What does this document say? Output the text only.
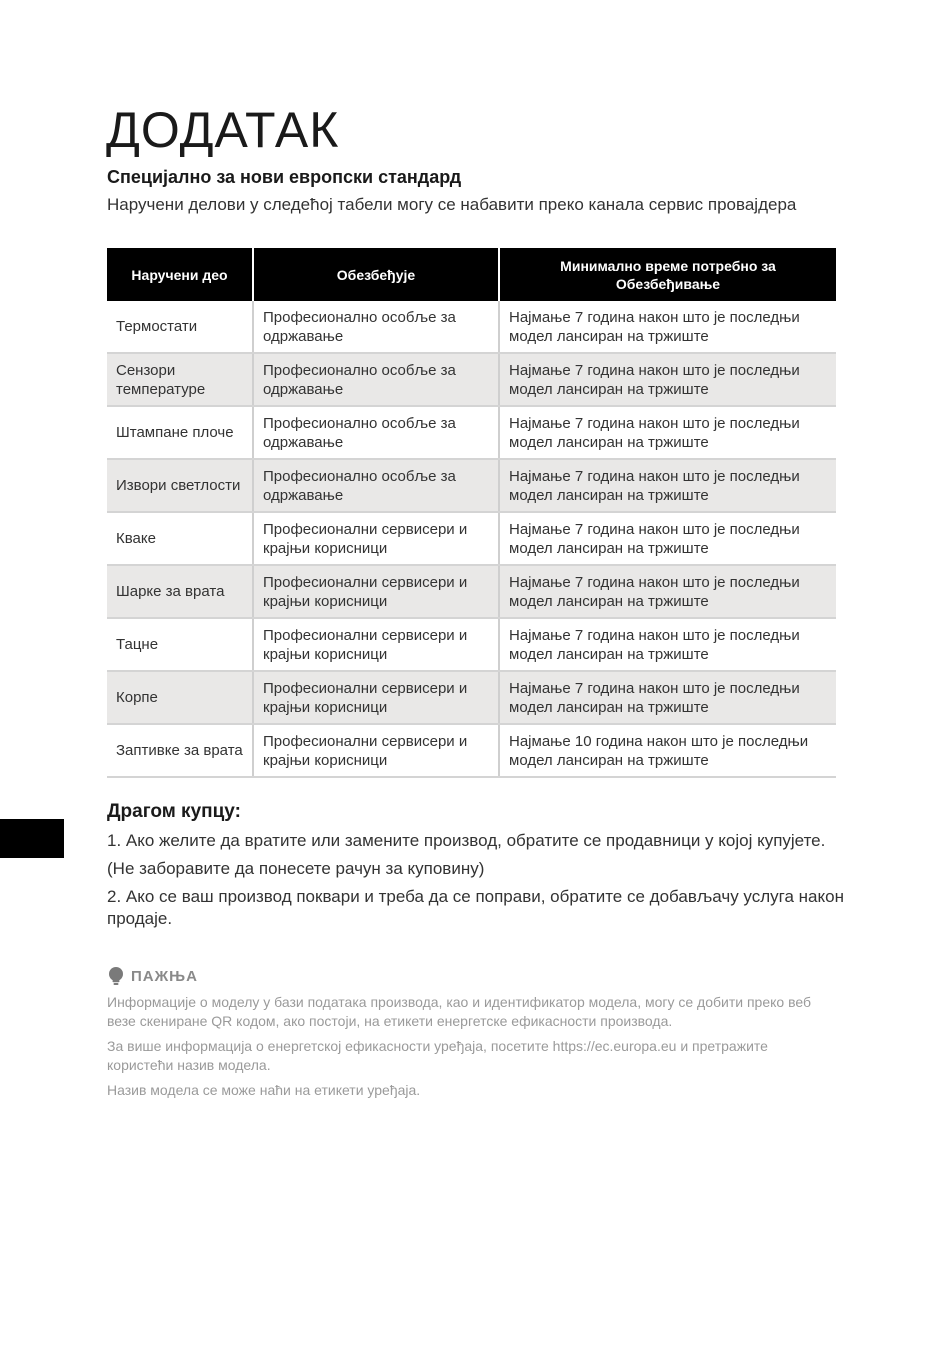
ДОДАТАК
Специјално за нови европски стандард
Наручени делови у следећој табели могу се набавити преко канала сервис провајдера
Наручени део	Обезбеђује	Минимално време потребно за Обезбеђивање
Термостати	Професионално особље за одржавање	Најмање 7 година након што је последњи модел лансиран на тржиште
Сензори температуре	Професионално особље за одржавање	Најмање 7 година након што је последњи модел лансиран на тржиште
Штампане плоче	Професионално особље за одржавање	Најмање 7 година након што је последњи модел лансиран на тржиште
Извори светлости	Професионално особље за одржавање	Најмање 7 година након што је последњи модел лансиран на тржиште
Кваке	Професионални сервисери и крајњи корисници	Најмање 7 година након што је последњи модел лансиран на тржиште
Шарке за врата	Професионални сервисери и крајњи корисници	Најмање 7 година након што је последњи модел лансиран на тржиште
Тацне	Професионални сервисери и крајњи корисници	Најмање 7 година након што је последњи модел лансиран на тржиште
Корпе	Професионални сервисери и крајњи корисници	Најмање 7 година након што је последњи модел лансиран на тржиште
Заптивке за врата	Професионални сервисери и крајњи корисници	Најмање 10 година након што је последњи модел лансиран на тржиште
Драгом купцу:

1. Ако желите да вратите или замените производ, обратите се продавници у којој купујете.

(Не заборавите да понесете рачун за куповину)

2. Ако се ваш производ поквари и треба да се поправи, обратите се добављачу услуга након продаје.

ПАЖЊА

Информације о моделу у бази података производа, као и идентификатор модела, могу се добити преко веб везе скениране QR кодом, ако постоји, на етикети енергетске ефикасности производа.

За више информација о енергетској ефикасности уређаја, посетите https://ec.europa.eu и претражите користећи назив модела.

Назив модела се може наћи на етикети уређаја.
